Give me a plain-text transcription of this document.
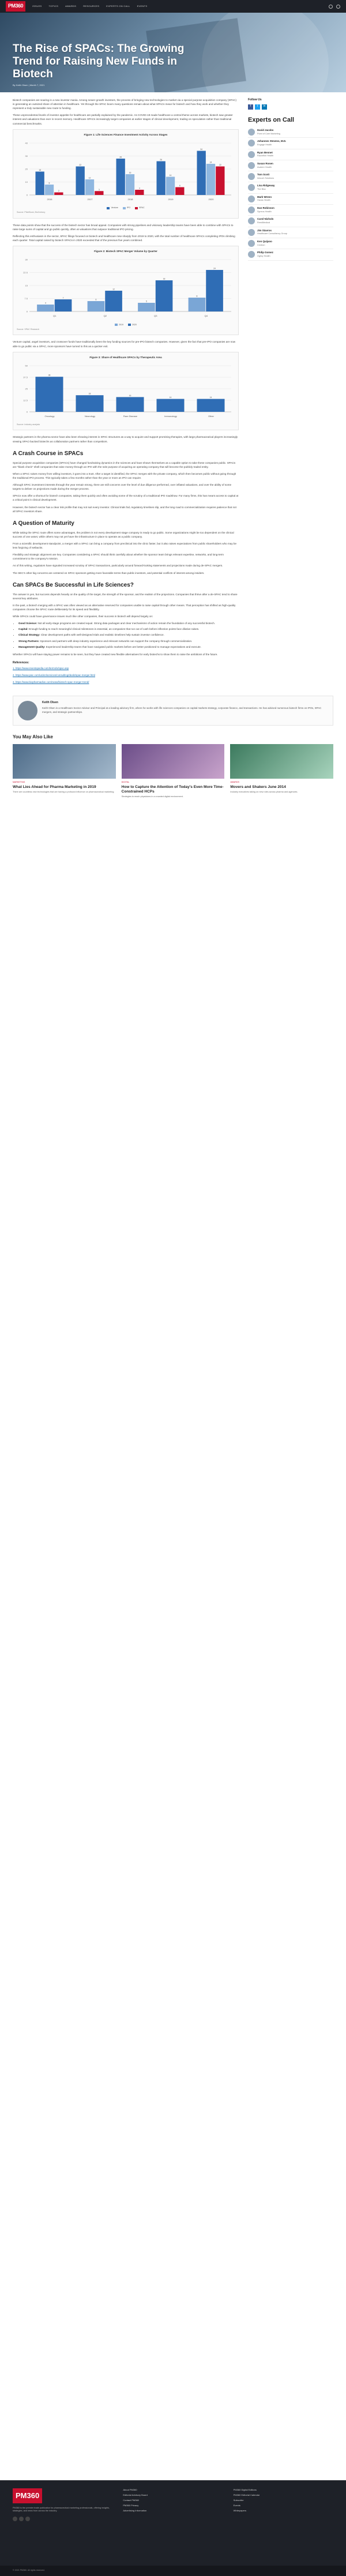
PM360	ISSUES	TOPICS	AWARDS	RESOURCES	EXPERTS ON CALL	EVENTS
The Rise of SPACs: The Growing Trend for Raising New Funds in Biotech
By Keith Olsen | Month 7, 2021

Biotech companies are soaring in a new investor mania. Among newer growth investors, the process of bringing new technologies to market via a special purpose acquisition company (SPAC) is generating an outsized share of attention in healthcare. Yet through the SPAC boom many questions remain about what SPACs mean for biotech and how they work and whether they represent a truly sustainable new route to funding.

These unprecedented levels of investor appetite for healthcare are partially explained by the pandemic. As COVID-19 made healthcare a central theme across markets, biotech saw greater interest and valuations than ever in recent memory. Healthcare SPACs increasingly target companies at earlier stages of clinical development, trading on speculation rather than traditional commercial benchmarks.

Figure 1: Life Sciences Finance Investment Activity Across Stages
0
10
20
30
40
18
8
2
2016
22
12
3
2017
28
16
4
2018
26
14
6
2019
34
24
22
2020
Venture	IPO	SPAC
Source: PitchBook, BioCentury

These data points show that the success of the biotech sector has broad appeal. Companies with strong pipelines and visionary leadership teams have been able to combine with SPACs to raise large sums of capital and go public quickly, often at valuations that outpace traditional IPO pricing.

Reflecting this enthusiasm in the sector, SPAC filings focused on biotech and healthcare rose sharply from 2019 to 2020, with the total number of healthcare SPACs completing IPOs climbing each quarter. Total capital raised by biotech SPACs in 2020 exceeded that of the previous five years combined.

Figure 2: Biotech SPAC Merger Volume by Quarter
0
7.5
15
22.5
30
4
7
Q1
6
12
Q2
5
18
Q3
8
24
Q4
2019	2020
Source: SPAC Research

Venture capital, angel investors, and crossover funds have traditionally been the key funding sources for pre-IPO biotech companies. However, given the fact that pre-IPO companies are now able to go public via a SPAC, more sponsors have turned to this as a quicker exit.

Figure 3: Share of Healthcare SPACs by Therapeutic Area
0
12.5
25
37.5
50
38
Oncology
18
Neurology
16
Rare Disease
14
Immunology
14
Other
Source: Industry analysis

Strategic partners in the pharma sector have also been showing interest in SPAC structures as a way to acquire and support promising therapies, with large pharmaceutical players increasingly viewing SPAC-backed biotechs as collaboration partners rather than competitors.

A Crash Course in SPACs

Special purpose acquisition companies (SPACs) have changed fundraising dynamics in the sciences and have shown themselves as a capable option to take these companies public. SPACs are "blank check" shell companies that raise money through an IPO with the sole purpose of acquiring an operating company that will become the publicly traded entity.

When a SPAC raises money from willing investors, it goes into a trust. After a target is identified, the SPAC merges with the private company, which then becomes public without going through the traditional IPO process. This typically takes a few months rather than the year or more an IPO can require.

Although SPAC investment interests through the year remain strong, there are still concerns over the level of due diligence performed, over inflated valuations, and over the ability of some targets to deliver on projections made during the merger process.

SPACs now offer a shortcut for biotech companies, taking them quickly and often avoiding some of the scrutiny of a traditional IPO roadshow. For many firms, this has meant access to capital at a critical point in clinical development.

However, the biotech sector has a clear risk profile that may not suit every investor. Clinical trials fail, regulatory timelines slip, and the long road to commercialization requires patience that not all SPAC investors share.

A Question of Maturity

While taking the SPAC route offers some advantages, the problem is not every development stage company is ready to go public. Some organizations might be too dependent on the clinical success of one asset, while others may not yet have the infrastructure in place to operate as a public company.

From a scientific development standpoint, a merger with a SPAC can bring a company from preclinical into the clinic faster, but it also raises expectations from public shareholders who may be less forgiving of setbacks.

Flexibility and strategic alignment are key. Companies considering a SPAC should think carefully about whether the sponsor team brings relevant expertise, networks, and long-term commitment to the company's mission.

As of this writing, regulators have signaled increased scrutiny of SPAC transactions, particularly around forward-looking statements and projections made during de-SPAC mergers.

The SEC's other big concerns are centered on SPAC sponsors getting more favorable terms than public investors, and potential conflicts of interest among insiders.

Can SPACs Be Successful in Life Sciences?

The answer is yes, but success depends heavily on the quality of the target, the strength of the sponsor, and the realism of the projections. Companies that thrive after a de-SPAC tend to share several key attributes.

In the past, a biotech merging with a SPAC was often viewed as an alternative reserved for companies unable to raise capital through other means. That perception has shifted as high-quality companies choose the SPAC route deliberately for its speed and flexibility.

While SPACs could have governance issues much like other companies, their success in biotech will depend largely on:

• Good Science: Not all early-stage programs are created equal. Strong data packages and clear mechanisms of action remain the foundation of any successful biotech.
• Capital: Enough funding to reach meaningful clinical milestones is essential, as companies that run out of cash before inflection points face dilutive raises.
• Clinical Strategy: Clear development paths with well-designed trials and realistic timelines help sustain investor confidence.
• Strong Partners: Sponsors and partners with deep industry experience and relevant networks can support the company through commercialization.
• Management Quality: Experienced leadership teams that have navigated public markets before are better positioned to manage expectations and execute.

Whether SPACs will have staying power remains to be seen, but they have created new flexible alternatives for early biotechs to show them to raise the ambitions of the future.

References:

1. https://www.investopedia.com/terms/s/spac.asp

2. https://www.pwc.com/us/en/services/consulting/deals/spac-merger.html

3. https://www.biopharmadive.com/news/biotech-spac-merger-trend/

Follow Us
f	t	in
Experts on Call
David Jacobs
Point of Care Marketing
Johannes Stevens, M.D.
Engage Health
Ryan Bennet
Razorfish Health
Susan Rosen
Avalere Health
Tom Scott
Intouch Solutions
Lisa Ridgeway
The Bloc
Mark Wrenn
Havas Health
Dan Robinson
Syneos Health
Carol Nichols
ReedMedical
Jim Stavros
Healthcare Consultancy Group
Ken Quijano
Centron
Philip Gomez
Ogilvy Health
Keith Olsen

Keith Olsen is a Healthcare Sector Advisor and Principal at a leading advisory firm, where he works with life sciences companies on capital markets strategy, corporate finance, and transactions. He has advised numerous biotech firms on IPOs, SPAC mergers, and strategic partnerships.

You May Also Like
MARKETING
What Lies Ahead for Pharma Marketing in 2019
There are countless new technologies that are having a profound influence on pharmaceutical marketing.
DIGITAL
How to Capture the Attention of Today's Even More Time-Constrained HCPs
Strategies to reach physicians in a crowded digital environment.
AWARDS
Movers and Shakers June 2014
Industry executives taking on new roles across pharma and agencies.
PM360

PM360 is the premier trade publication for pharmaceutical marketing professionals, offering insights, strategies, and news from across the industry.

About PM360
Editorial Advisory Board
Contact PM360
PM360 Privacy
Advertising Information
PM360 Digital Editions
PM360 Editorial Calendar
Subscribe
Events
Whitepapers
© 2021 PM360. All rights reserved.
